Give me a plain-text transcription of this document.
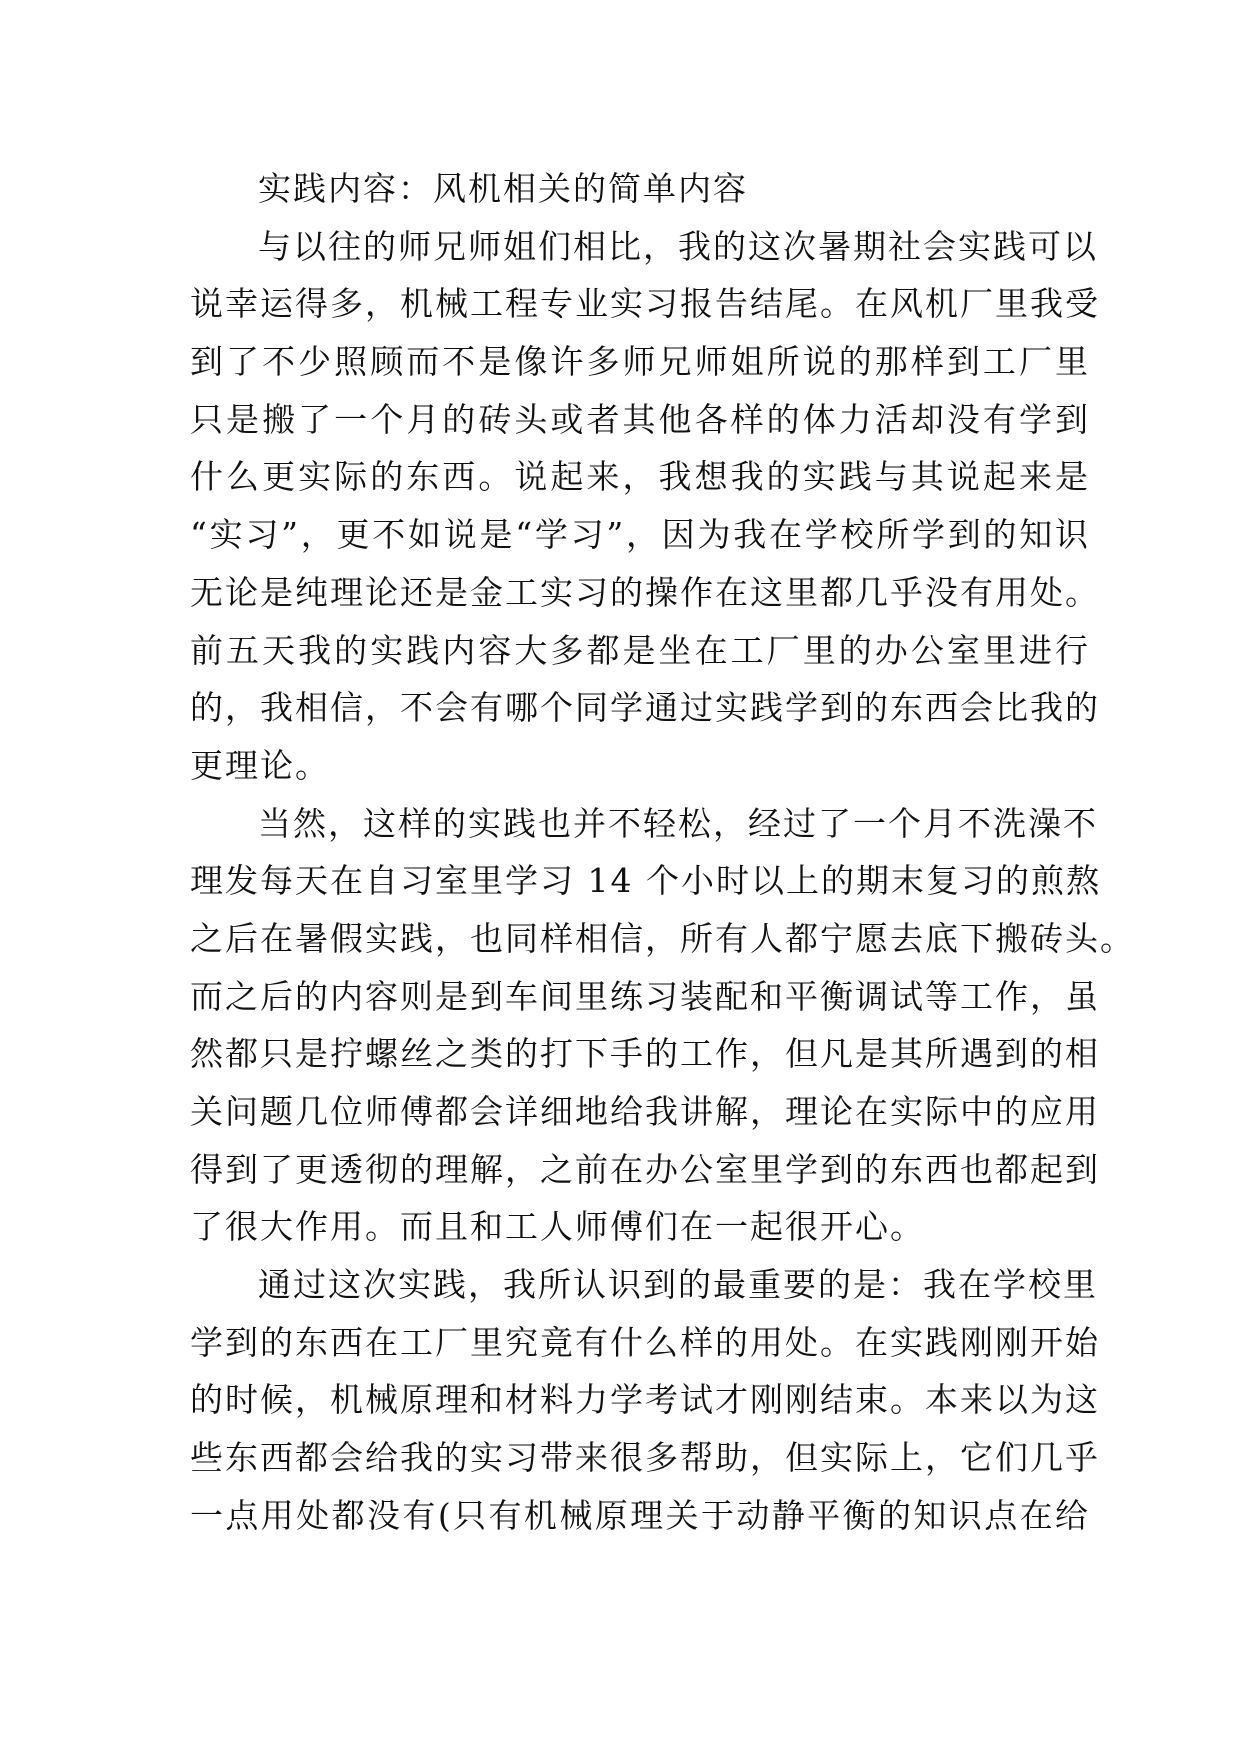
实践内容：风机相关的简单内容
与以往的师兄师姐们相比，我的这次暑期社会实践可以
说幸运得多，机械工程专业实习报告结尾。在风机厂里我受
到了不少照顾而不是像许多师兄师姐所说的那样到工厂里
只是搬了一个月的砖头或者其他各样的体力活却没有学到
什么更实际的东西。说起来，我想我的实践与其说起来是
“实习”，更不如说是“学习”，因为我在学校所学到的知识
无论是纯理论还是金工实习的操作在这里都几乎没有用处。
前五天我的实践内容大多都是坐在工厂里的办公室里进行
的，我相信，不会有哪个同学通过实践学到的东西会比我的
更理论。
当然，这样的实践也并不轻松，经过了一个月不洗澡不
理发每天在自习室里学习 14 个小时以上的期末复习的煎熬
之后在暑假实践，也同样相信，所有人都宁愿去底下搬砖头。
而之后的内容则是到车间里练习装配和平衡调试等工作，虽
然都只是拧螺丝之类的打下手的工作，但凡是其所遇到的相
关问题几位师傅都会详细地给我讲解，理论在实际中的应用
得到了更透彻的理解，之前在办公室里学到的东西也都起到
了很大作用。而且和工人师傅们在一起很开心。
通过这次实践，我所认识到的最重要的是：我在学校里
学到的东西在工厂里究竟有什么样的用处。在实践刚刚开始
的时候，机械原理和材料力学考试才刚刚结束。本来以为这
些东西都会给我的实习带来很多帮助，但实际上，它们几乎
一点用处都没有(只有机械原理关于动静平衡的知识点在给
